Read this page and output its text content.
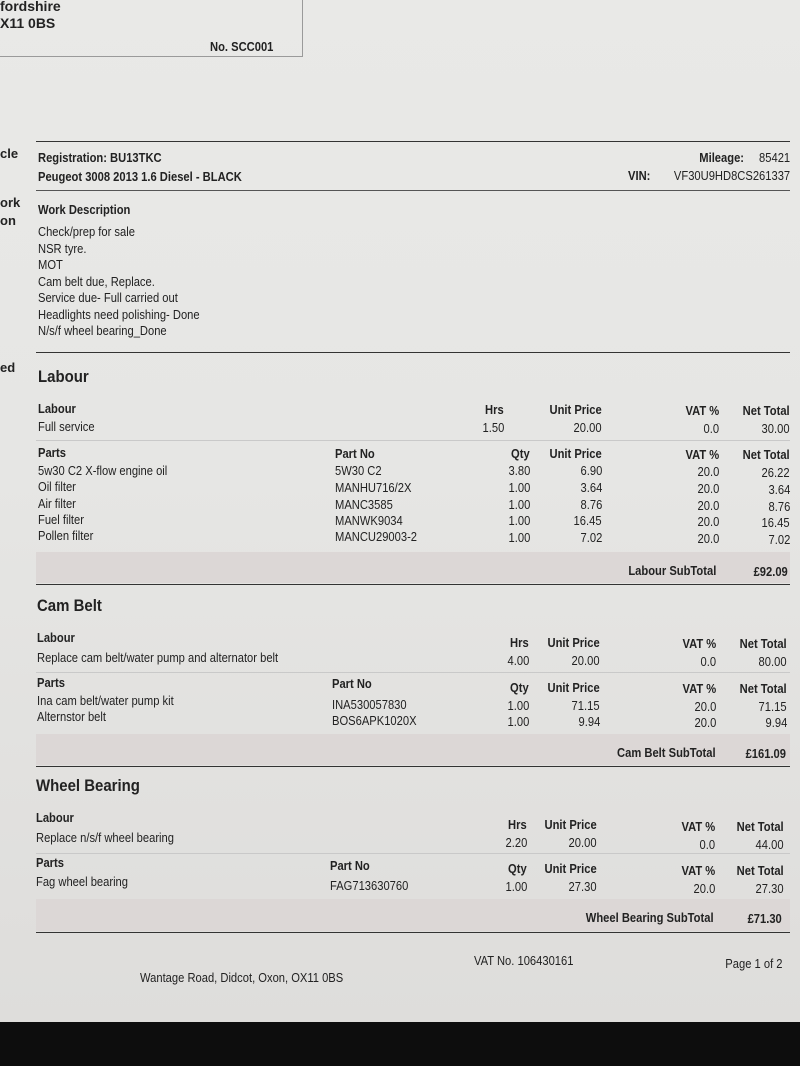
fordshire
X11 0BS
No. SCC001
cle
ork
on
ed
Registration: BU13TKC
Peugeot 3008 2013 1.6 Diesel - BLACK
Mileage: 85421
VIN: VF30U9HD8CS261337
Work Description
Check/prep for sale
NSR tyre.
MOT
Cam belt due, Replace.
Service due- Full carried out
Headlights need polishing- Done
N/s/f wheel bearing_Done
Labour
Labour	Hrs	Unit Price	VAT % Net Total
Full service	1.50	20.00	0.0	30.00
Parts	Part No	Qty Unit Price	VAT % Net Total
5w30 C2 X-flow engine oil	5W30 C2	3.80	6.90	20.0	26.22
Oil filter	MANHU716/2X	1.00	3.64	20.0	3.64
Air filter	MANC3585	1.00	8.76	20.0	8.76
Fuel filter	MANWK9034	1.00	16.45	20.0	16.45
Pollen filter	MANCU29003-2	1.00	7.02	20.0	7.02
Labour SubTotal	£92.09
Cam Belt
Labour	Hrs Unit Price	VAT % Net Total
Replace cam belt/water pump and alternator belt	4.00	20.00	0.0	80.00
Parts	Part No	Qty Unit Price	VAT % Net Total
Ina cam belt/water pump kit	INA530057830	1.00	71.15	20.0	71.15
Alternstor belt	BOS6APK1020X	1.00	9.94	20.0	9.94
Cam Belt SubTotal £161.09
Wheel Bearing
Labour	Hrs Unit Price	VAT % Net Total
Replace n/s/f wheel bearing	2.20	20.00	0.0	44.00
Parts	Part No	Qty Unit Price	VAT % Net Total
Fag wheel bearing	FAG713630760	1.00	27.30	20.0	27.30
Wheel Bearing SubTotal	£71.30
VAT No. 106430161	Page 1 of 2
Wantage Road, Didcot, Oxon, OX11 0BS
